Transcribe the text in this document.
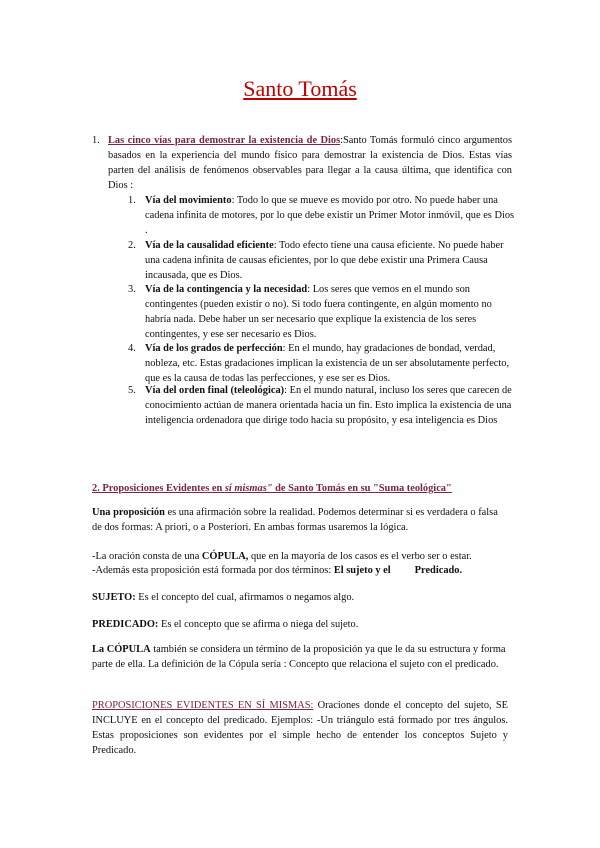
Santo Tomás
1. Las cinco vías para demostrar la existencia de Dios:Santo Tomás formuló cinco argumentos basados en la experiencia del mundo físico para demostrar la existencia de Dios. Estas vías parten del análisis de fenómenos observables para llegar a la causa última, que identifica con Dios :

1. Vía del movimiento: Todo lo que se mueve es movido por otro. No puede haber una cadena infinita de motores, por lo que debe existir un Primer Motor inmóvil, que es Dios .

2. Vía de la causalidad eficiente: Todo efecto tiene una causa eficiente. No puede haber una cadena infinita de causas eficientes, por lo que debe existir una Primera Causa incausada, que es Dios.

3. Vía de la contingencia y la necesidad: Los seres que vemos en el mundo son contingentes (pueden existir o no). Si todo fuera contingente, en algún momento no habría nada. Debe haber un ser necesario que explique la existencia de los seres contingentes, y ese ser necesario es Dios.

4. Vía de los grados de perfección: En el mundo, hay gradaciones de bondad, verdad, nobleza, etc. Estas gradaciones implican la existencia de un ser absolutamente perfecto, que es la causa de todas las perfecciones, y ese ser es Dios.

5. Vía del orden final (teleológica): En el mundo natural, incluso los seres que carecen de conocimiento actúan de manera orientada hacia un fin. Esto implica la existencia de una inteligencia ordenadora que dirige todo hacia su propósito, y esa inteligencia es Dios

2. Proposiciones Evidentes en sí mismas" de Santo Tomás en su "Suma teológica"

Una proposición es una afirmación sobre la realidad. Podemos determinar si es verdadera o falsa de dos formas: A priori, o a Posteriori. En ambas formas usaremos la lógica.

-La oración consta de una CÓPULA, que en la mayoría de los casos es el verbo ser o estar.

-Además esta proposición está formada por dos términos: El sujeto y el Predicado.

SUJETO: Es el concepto del cual, afirmamos o negamos algo.

PREDICADO: Es el concepto que se afirma o niega del sujeto.

La CÓPULA también se considera un término de la proposición ya que le da su estructura y forma parte de ella. La definición de la Cópula sería : Concepto que relaciona el sujeto con el predicado.

PROPOSICIONES EVIDENTES EN SÍ MISMAS: Oraciones donde el concepto del sujeto, SE INCLUYE en el concepto del predicado. Ejemplos: -Un triángulo está formado por tres ángulos. Estas proposiciones son evidentes por el simple hecho de entender los conceptos Sujeto y Predicado.
